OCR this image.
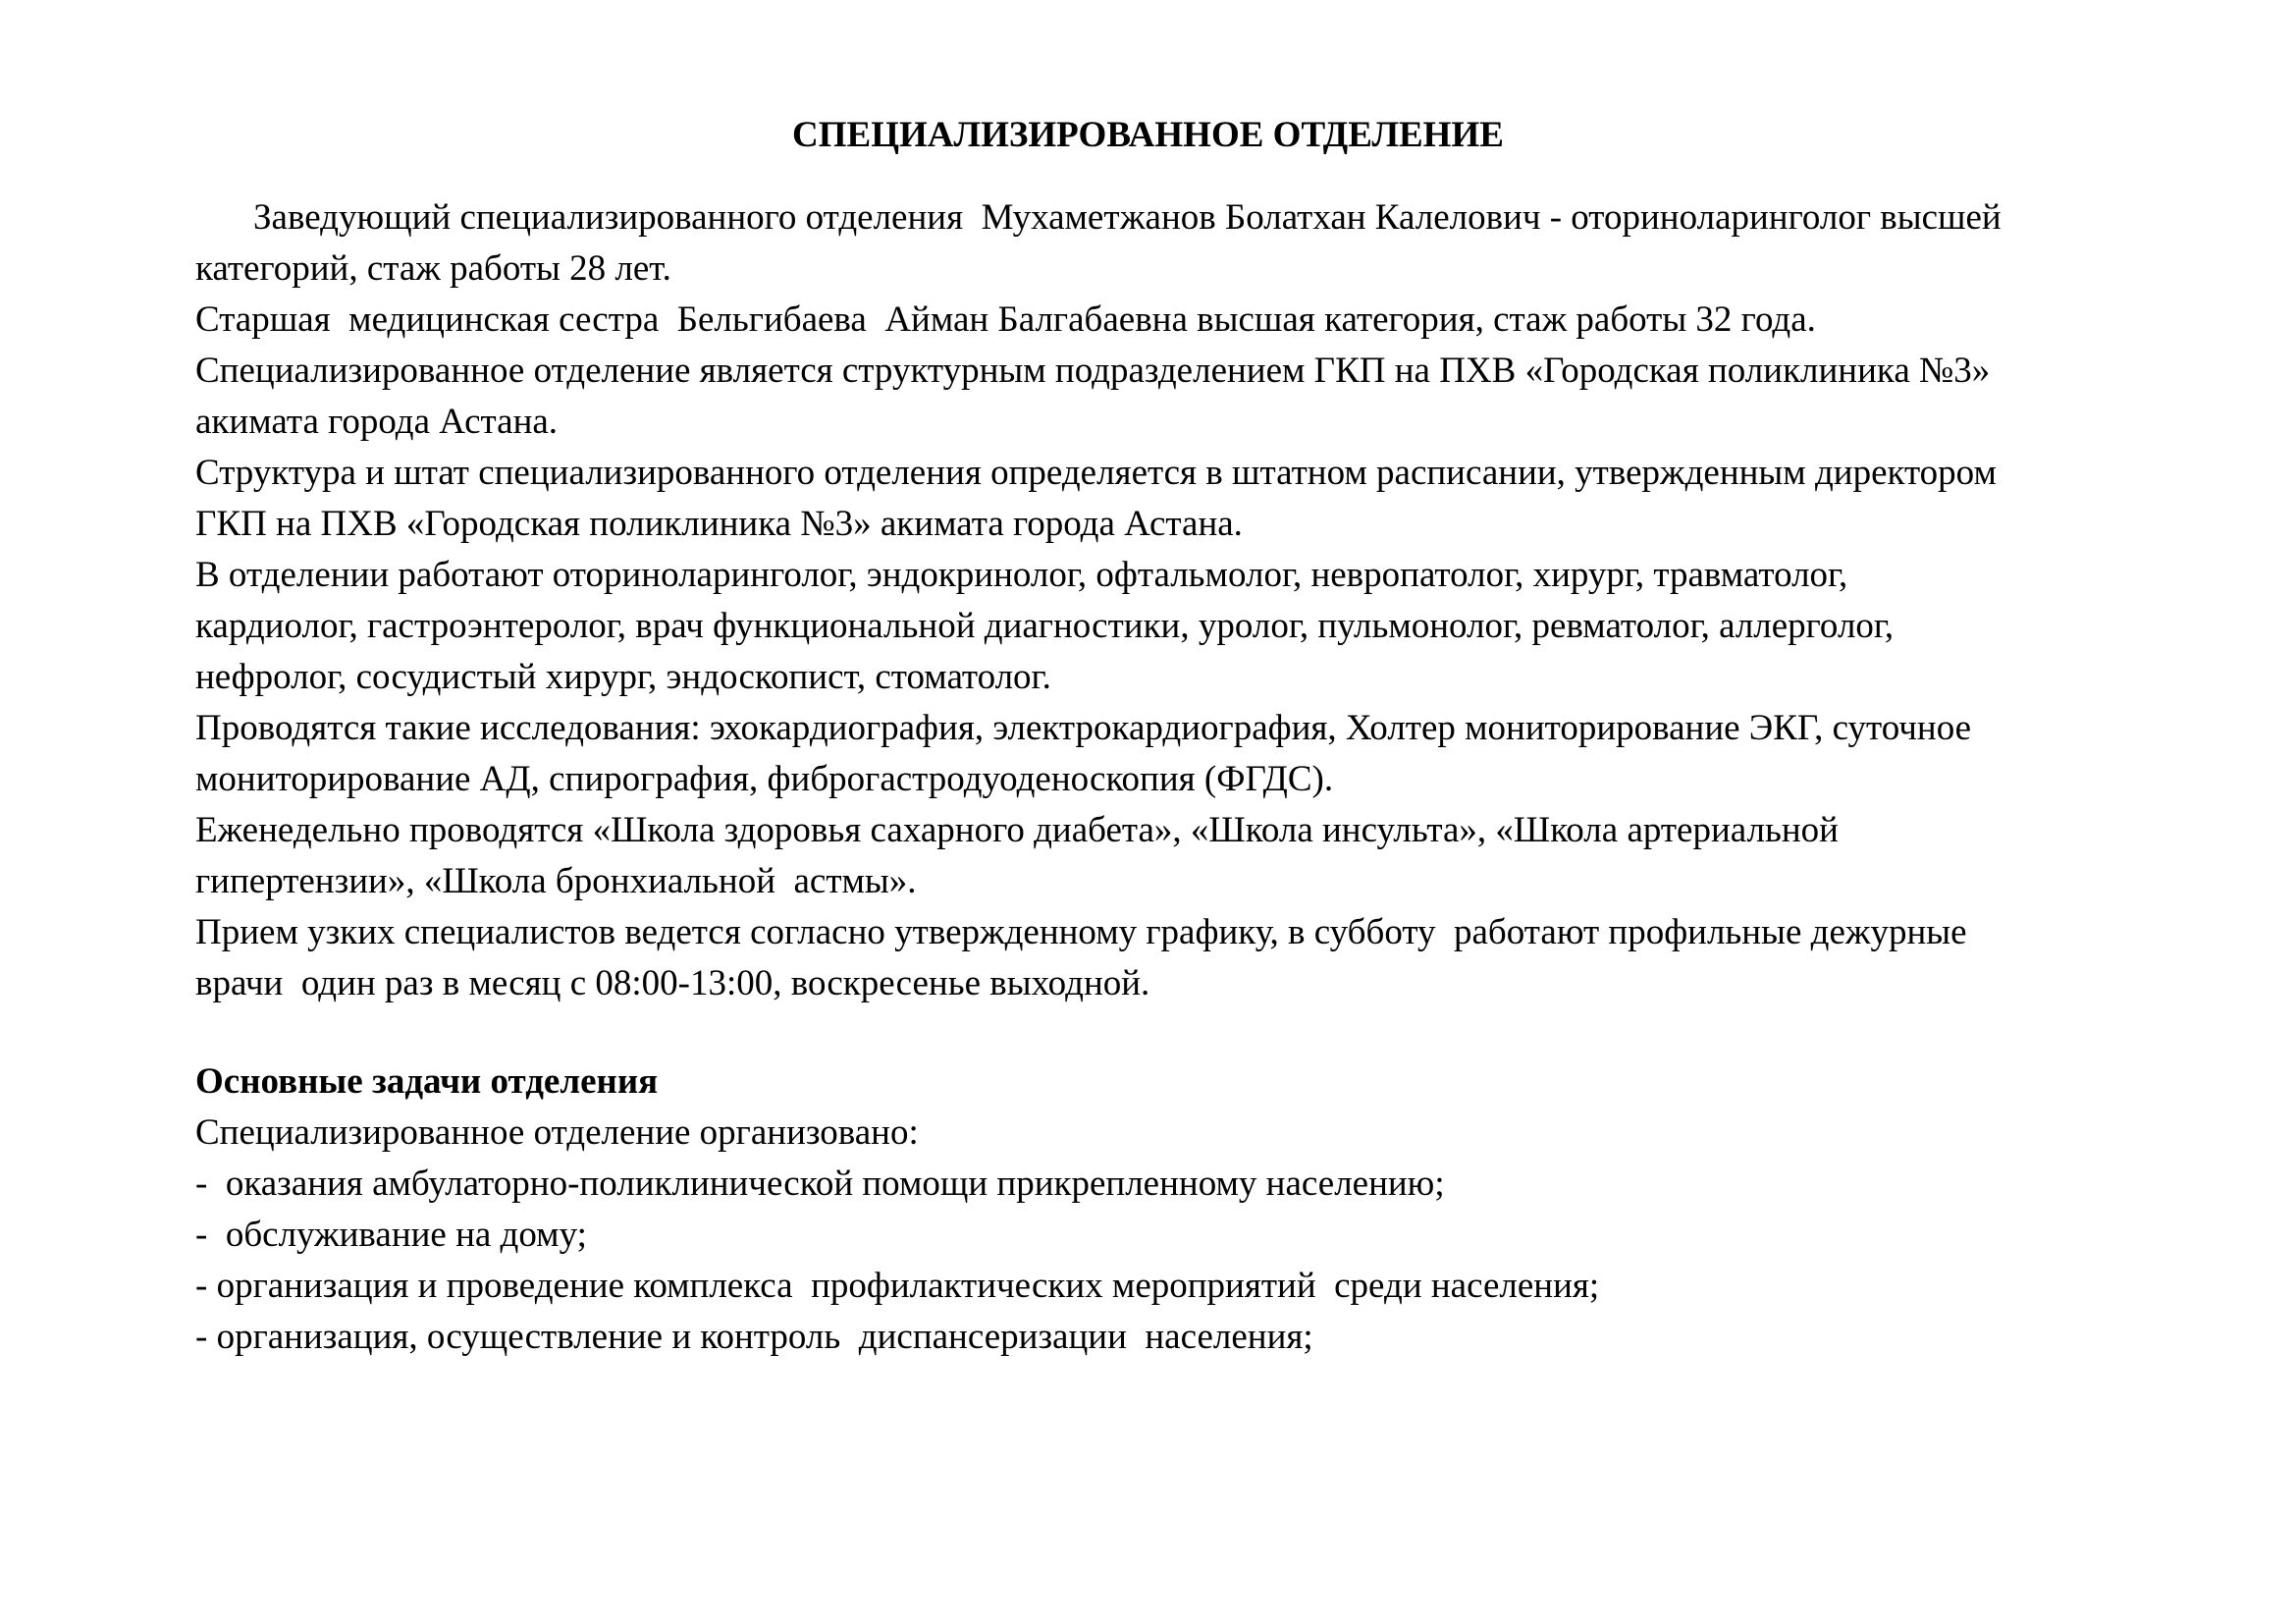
СПЕЦИАЛИЗИРОВАННОЕ ОТДЕЛЕНИЕ
Заведующий специализированного отделения  Мухаметжанов Болатхан Калелович - оториноларинголог высшей
категорий, стаж работы 28 лет.
Старшая  медицинская сестра  Бельгибаева  Айман Балгабаевна высшая категория, стаж работы 32 года.
Специализированное отделение является структурным подразделением ГКП на ПХВ «Городская поликлиника №3»
акимата города Астана.
Структура и штат специализированного отделения определяется в штатном расписании, утвержденным директором
ГКП на ПХВ «Городская поликлиника №3» акимата города Астана.
В отделении работают оториноларинголог, эндокринолог, офтальмолог, невропатолог, хирург, травматолог,
кардиолог, гастроэнтеролог, врач функциональной диагностики, уролог, пульмонолог, ревматолог, аллерголог,
нефролог, сосудистый хирург, эндоскопист, стоматолог.
Проводятся такие исследования: эхокардиография, электрокардиография, Холтер мониторирование ЭКГ, суточное
мониторирование АД, спирография, фиброгастродуоденоскопия (ФГДС).
Еженедельно проводятся «Школа здоровья сахарного диабета», «Школа инсульта», «Школа артериальной
гипертензии», «Школа бронхиальной  астмы».
Прием узких специалистов ведется согласно утвержденному графику, в субботу  работают профильные дежурные
врачи  один раз в месяц с 08:00-13:00, воскресенье выходной.
Основные задачи отделения
Специализированное отделение организовано:
-  оказания амбулаторно-поликлинической помощи прикрепленному населению;
-  обслуживание на дому;
- организация и проведение комплекса  профилактических мероприятий  среди населения;
- организация, осуществление и контроль  диспансеризации  населения;
